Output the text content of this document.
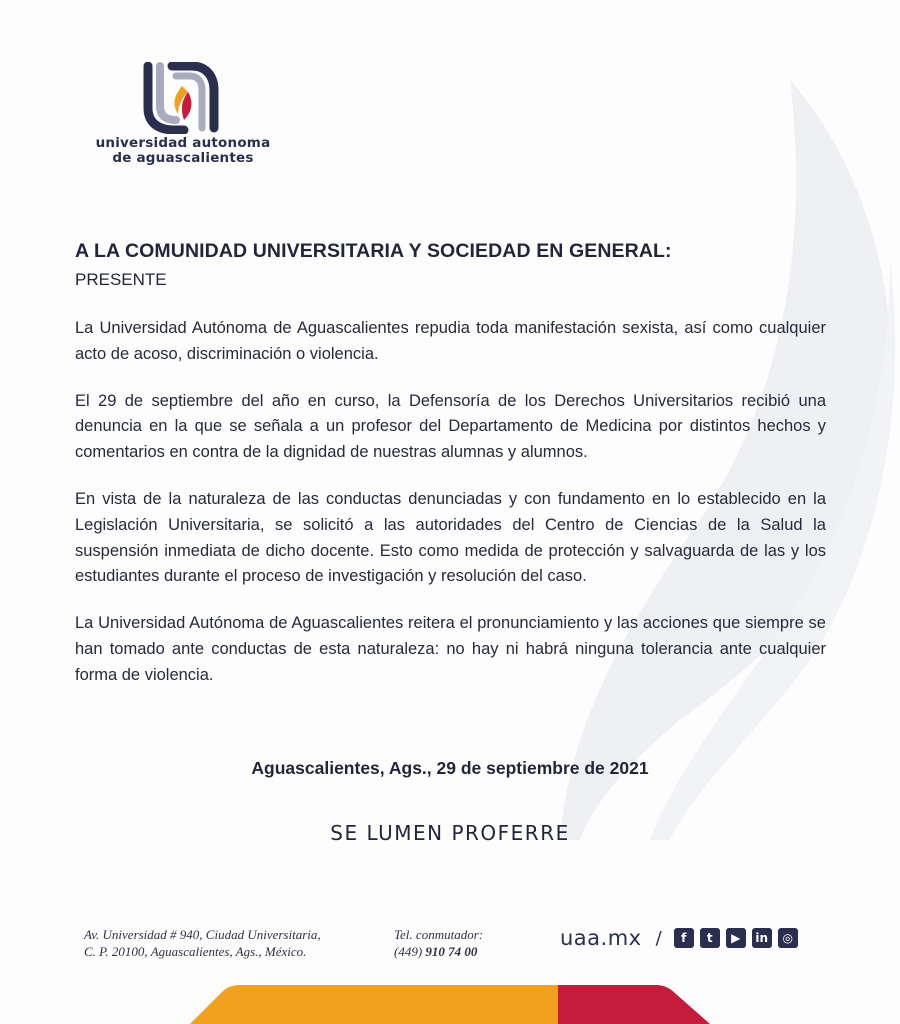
universidad autonoma
de aguascalientes
A LA COMUNIDAD UNIVERSITARIA Y SOCIEDAD EN GENERAL:
PRESENTE

La Universidad Autónoma de Aguascalientes repudia toda manifestación sexista, así como cualquier acto de acoso, discriminación o violencia.

El 29 de septiembre del año en curso, la Defensoría de los Derechos Universitarios recibió una denuncia en la que se señala a un profesor del Departamento de Medicina por distintos hechos y comentarios en contra de la dignidad de nuestras alumnas y alumnos.

En vista de la naturaleza de las conductas denunciadas y con fundamento en lo establecido en la Legislación Universitaria, se solicitó a las autoridades del Centro de Ciencias de la Salud la suspensión inmediata de dicho docente. Esto como medida de protección y salvaguarda de las y los estudiantes durante el proceso de investigación y resolución del caso.

La Universidad Autónoma de Aguascalientes reitera el pronunciamiento y las acciones que siempre se han tomado ante conductas de esta naturaleza: no hay ni habrá ninguna tolerancia ante cualquier forma de violencia.

Aguascalientes, Ags., 29 de septiembre de 2021
SE LUMEN PROFERRE
Av. Universidad # 940, Ciudad Universitaria,
C. P. 20100, Aguascalientes, Ags., México.
Tel. conmutador:
(449) 910 74 00
uaa.mx /	f	t	▶	in	◎
